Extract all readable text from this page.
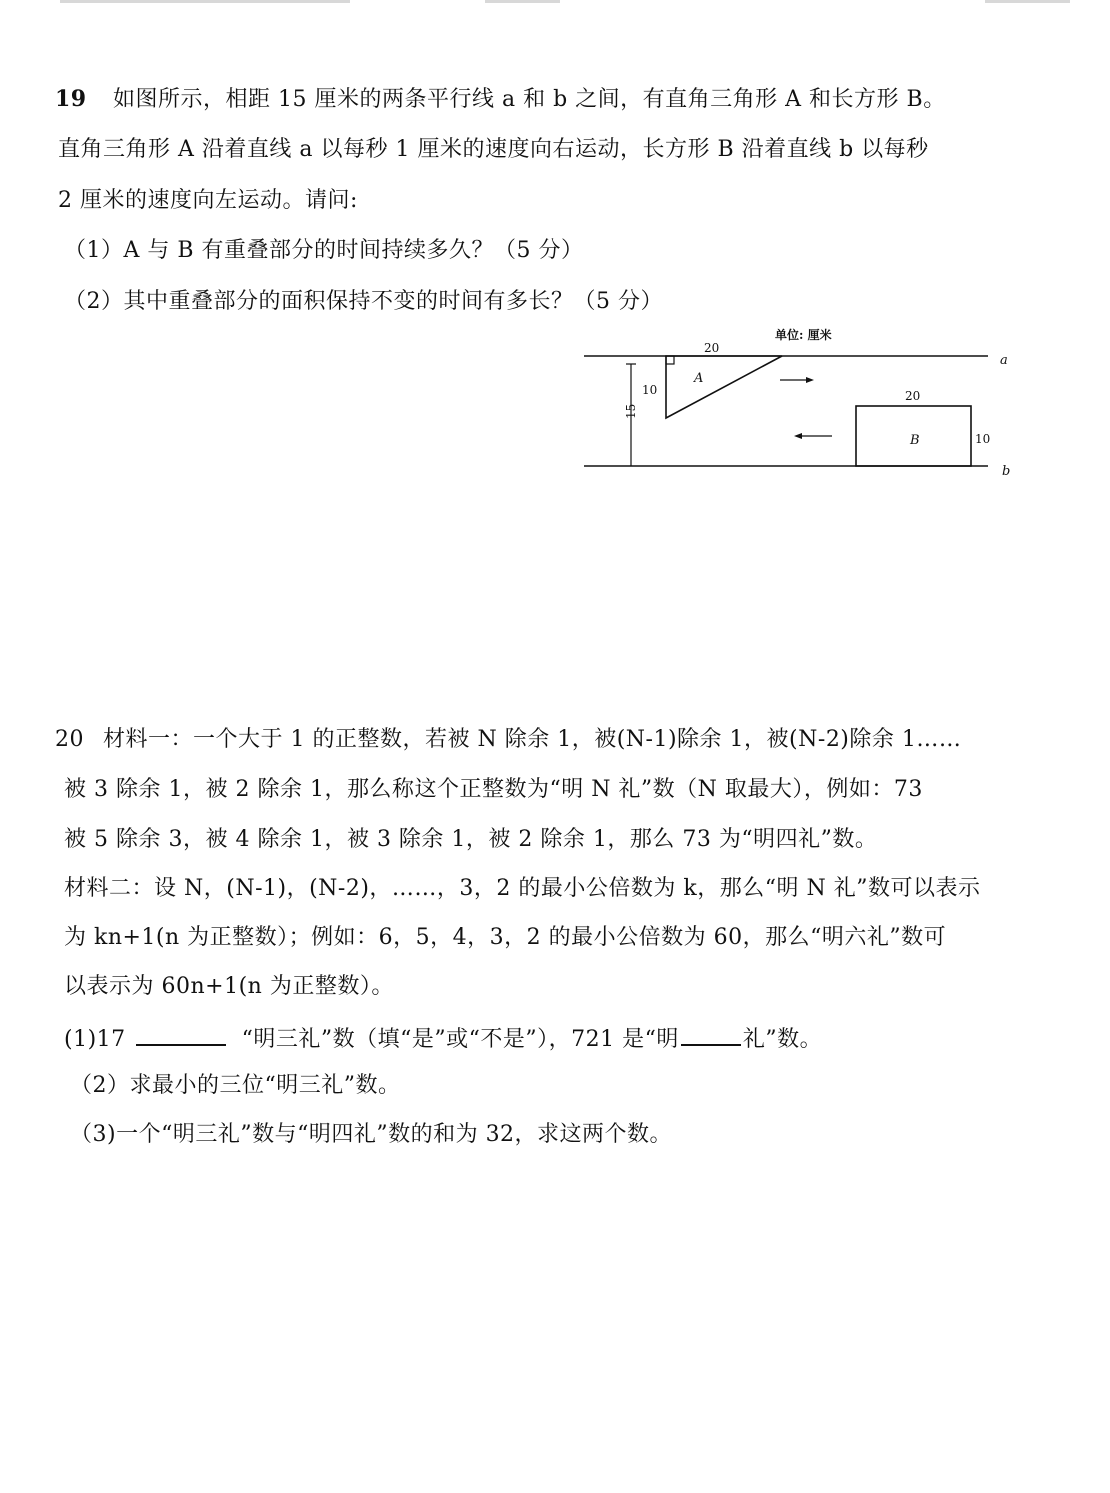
19 如图所示，相距 15 厘米的两条平行线 a 和 b 之间，有直角三角形 A 和长方形 B。
直角三角形 A 沿着直线 a 以每秒 1 厘米的速度向右运动，长方形 B 沿着直线 b 以每秒
2 厘米的速度向左运动。请问:
（1）A 与 B 有重叠部分的时间持续多久？（5 分）
（2）其中重叠部分的面积保持不变的时间有多长？（5 分）
单位: 厘米
a
b
15
20
10
A
20
10
B
20 材料一：一个大于 1 的正整数，若被 N 除余 1，被(N-1)除余 1，被(N-2)除余 1……
被 3 除余 1，被 2 除余 1，那么称这个正整数为“明 N 礼”数（N 取最大），例如：73
被 5 除余 3，被 4 除余 1，被 3 除余 1，被 2 除余 1，那么 73 为“明四礼”数。
材料二：设 N，(N-1)，(N-2)，……，3，2 的最小公倍数为 k，那么“明 N 礼”数可以表示
为 kn+1(n 为正整数）；例如：6，5，4，3，2 的最小公倍数为 60，那么“明六礼”数可
以表示为 60n+1(n 为正整数）。
(1)17	“明三礼”数（填“是”或“不是”），721 是“明	礼”数。
（2）求最小的三位“明三礼”数。
（3)一个“明三礼”数与“明四礼”数的和为 32，求这两个数。
